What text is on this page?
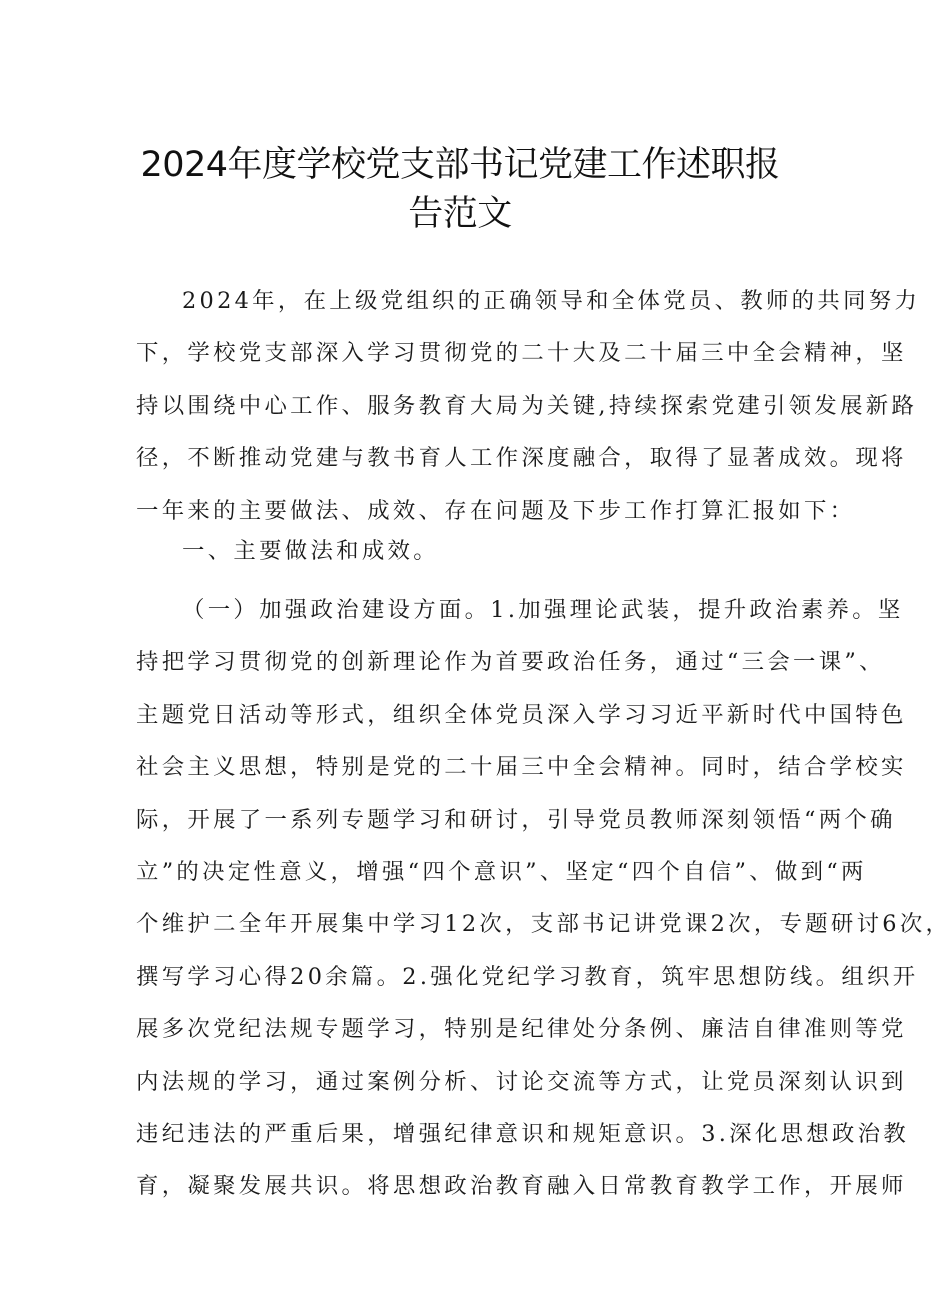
2024年度学校党支部书记党建工作述职报
告范文
2024年，在上级党组织的正确领导和全体党员、教师的共同努力
下，学校党支部深入学习贯彻党的二十大及二十届三中全会精神，坚
持以围绕中心工作、服务教育大局为关键,持续探索党建引领发展新路
径，不断推动党建与教书育人工作深度融合，取得了显著成效。现将
一年来的主要做法、成效、存在问题及下步工作打算汇报如下：
一、主要做法和成效。
（一）加强政治建设方面。1.加强理论武装，提升政治素养。坚
持把学习贯彻党的创新理论作为首要政治任务，通过“三会一课”、
主题党日活动等形式，组织全体党员深入学习习近平新时代中国特色
社会主义思想，特别是党的二十届三中全会精神。同时，结合学校实
际，开展了一系列专题学习和研讨，引导党员教师深刻领悟“两个确
立”的决定性意义，增强“四个意识”、坚定“四个自信”、做到“两
个维护二全年开展集中学习12次，支部书记讲党课2次，专题研讨6次，
撰写学习心得20余篇。2.强化党纪学习教育，筑牢思想防线。组织开
展多次党纪法规专题学习，特别是纪律处分条例、廉洁自律准则等党
内法规的学习，通过案例分析、讨论交流等方式，让党员深刻认识到
违纪违法的严重后果，增强纪律意识和规矩意识。3.深化思想政治教
育，凝聚发展共识。将思想政治教育融入日常教育教学工作，开展师
